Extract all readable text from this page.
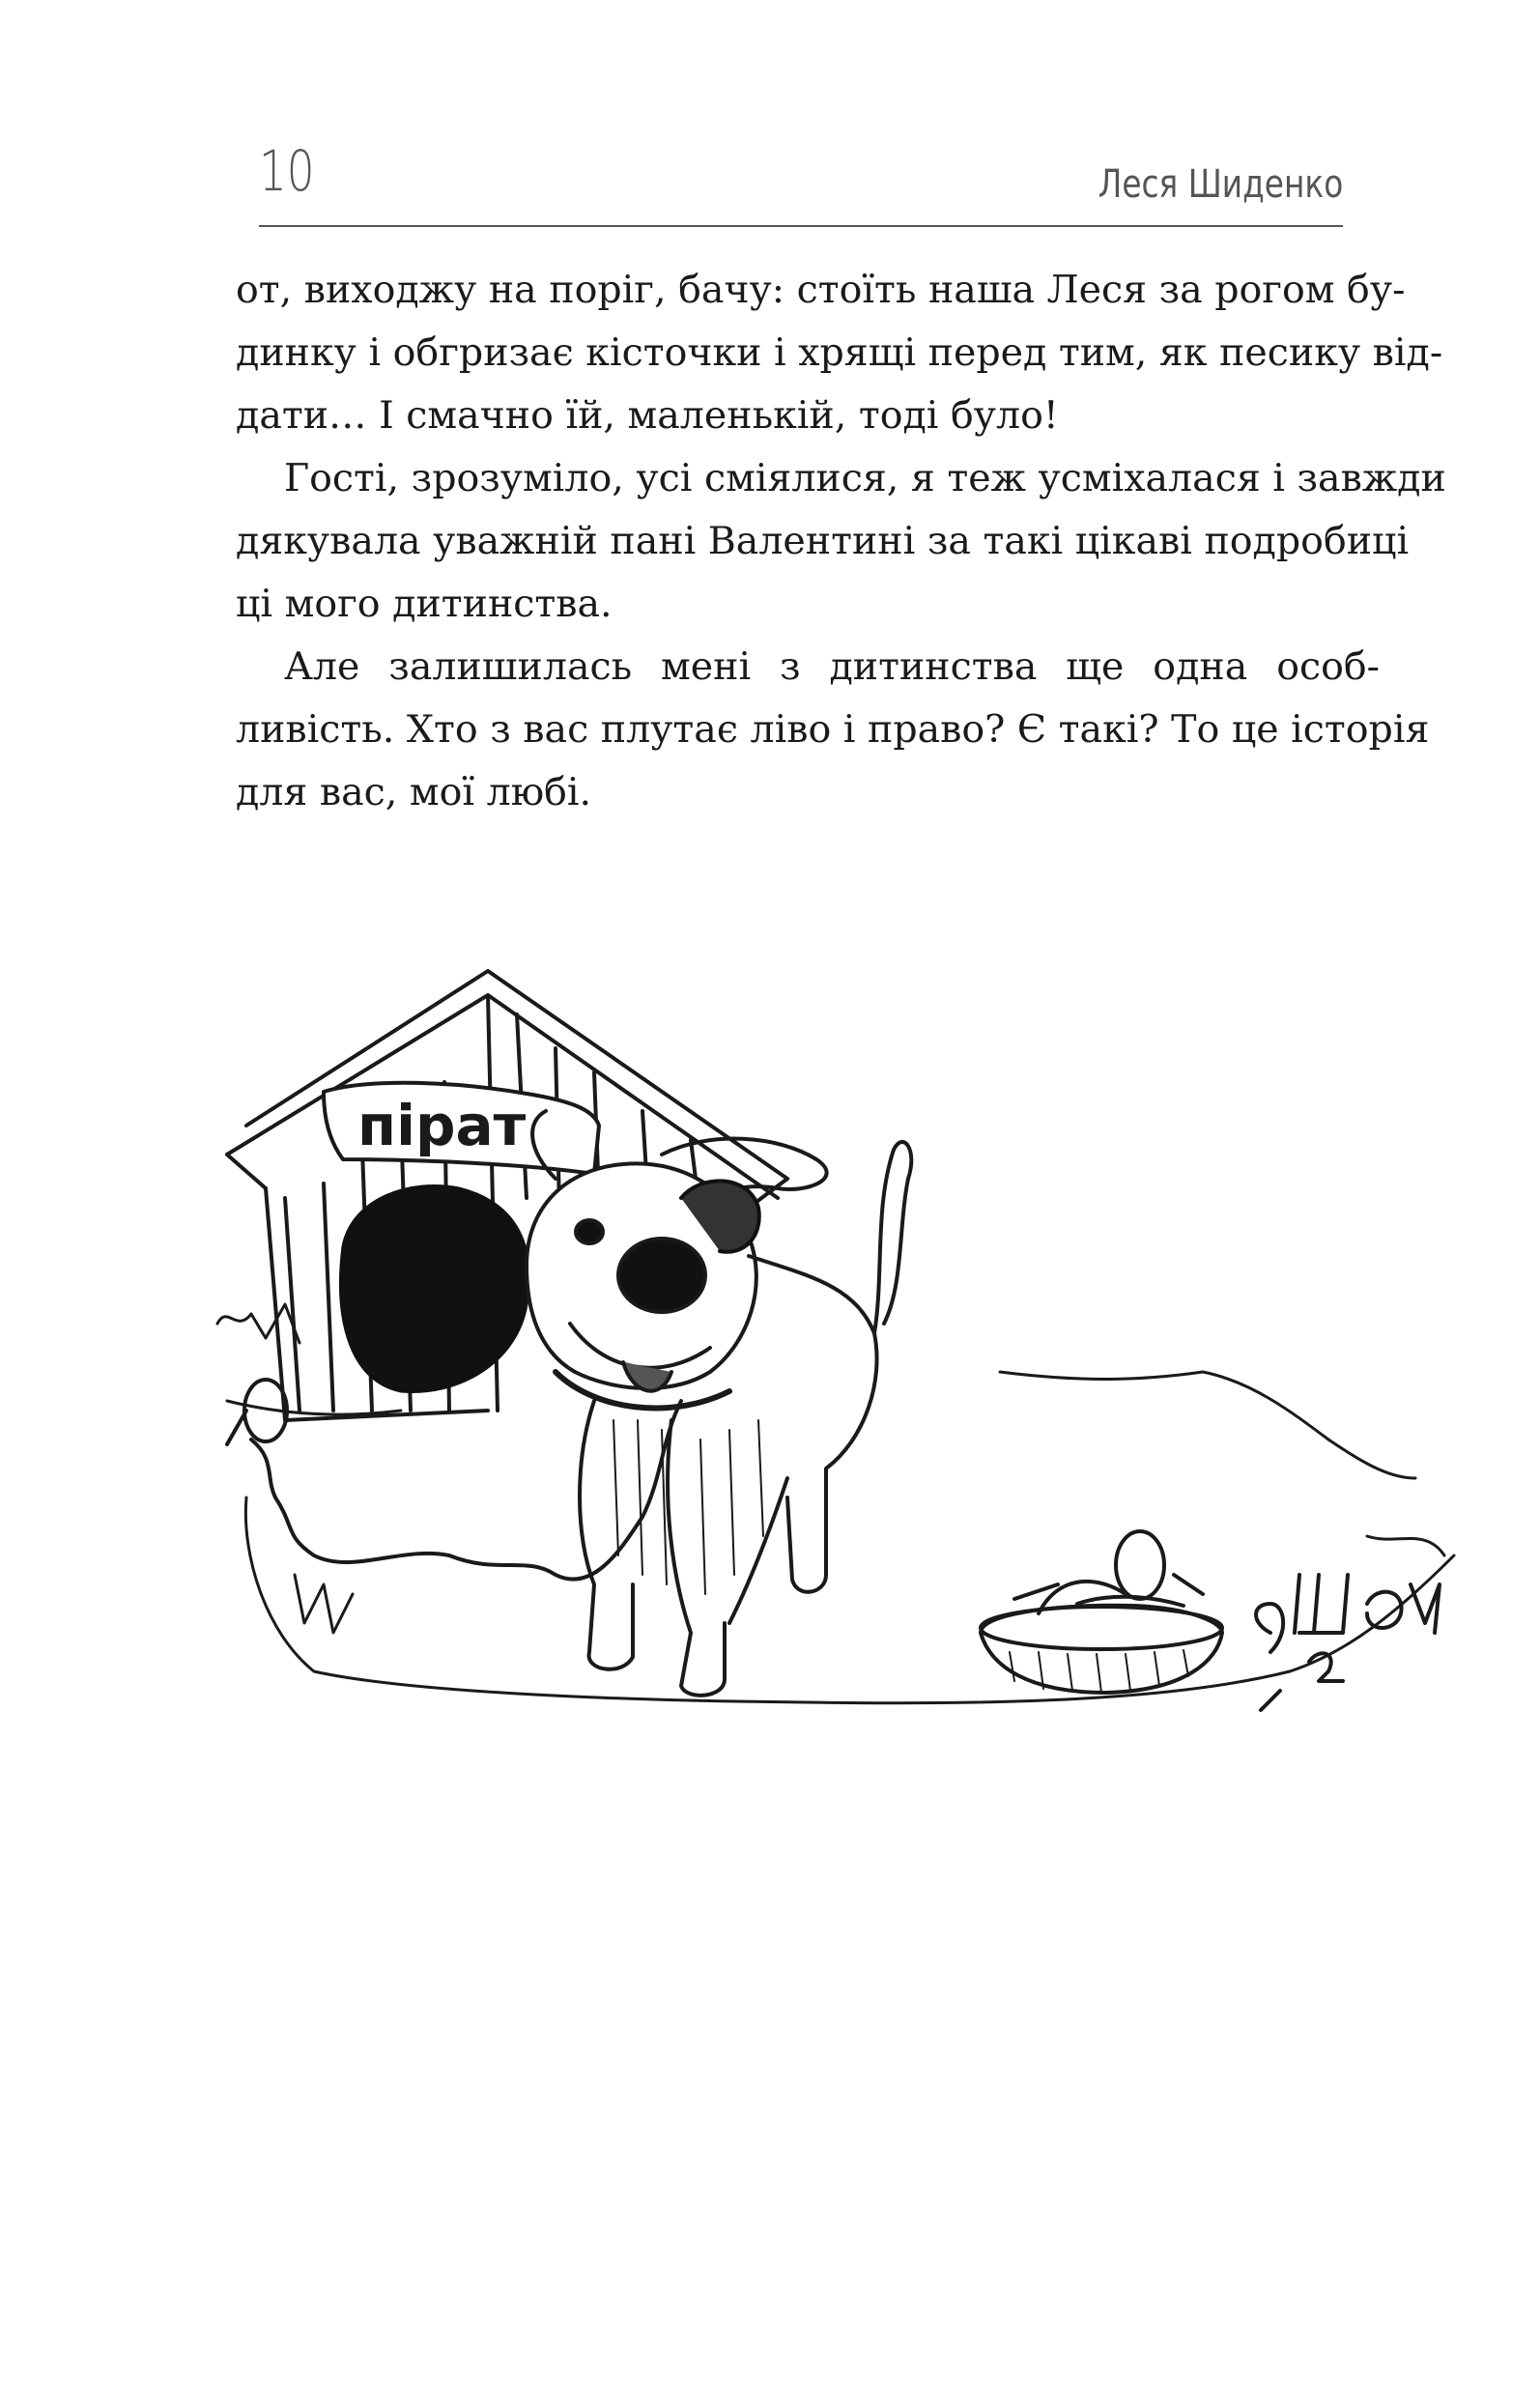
10	Леся Шиденко

от, виходжу на поріг, бачу: стоїть наша Леся за рогом бу-
динку і обгризає кісточки і хрящі перед тим, як песику від-
дати… І смачно їй, маленькій, тоді було!

Гості, зрозуміло, усі сміялися, я теж усміхалася і завжди
дякувала уважній пані Валентині за такі цікаві подробиці
ці мого дитинства.

Але залишилась мені з дитинства ще одна особ-
ливість. Хто з вас плутає ліво і право? Є такі? То це історія
для вас, мої любі.

пірат
